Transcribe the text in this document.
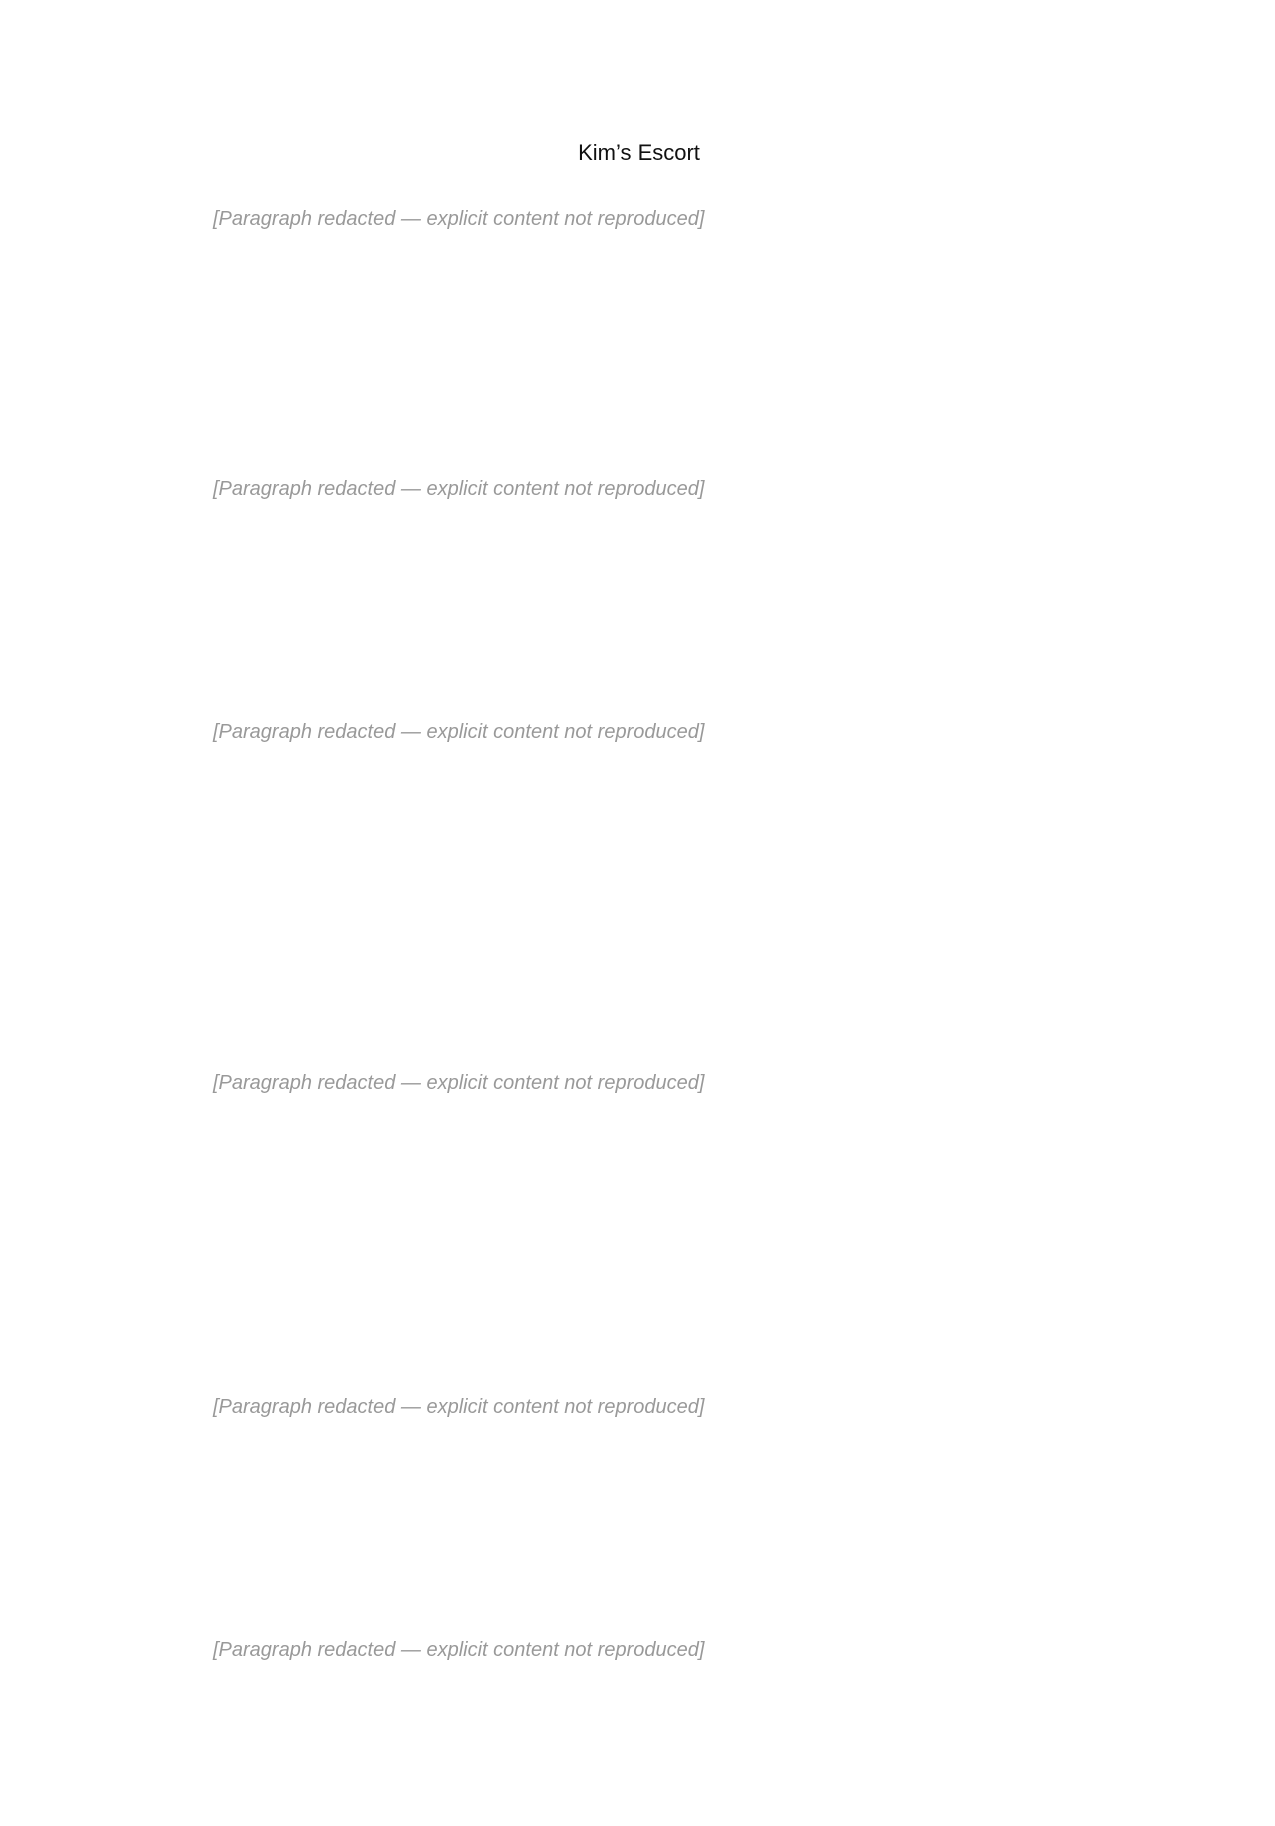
Kim’s Escort

[Paragraph redacted — explicit content not reproduced]

[Paragraph redacted — explicit content not reproduced]

[Paragraph redacted — explicit content not reproduced]

[Paragraph redacted — explicit content not reproduced]

[Paragraph redacted — explicit content not reproduced]

[Paragraph redacted — explicit content not reproduced]
